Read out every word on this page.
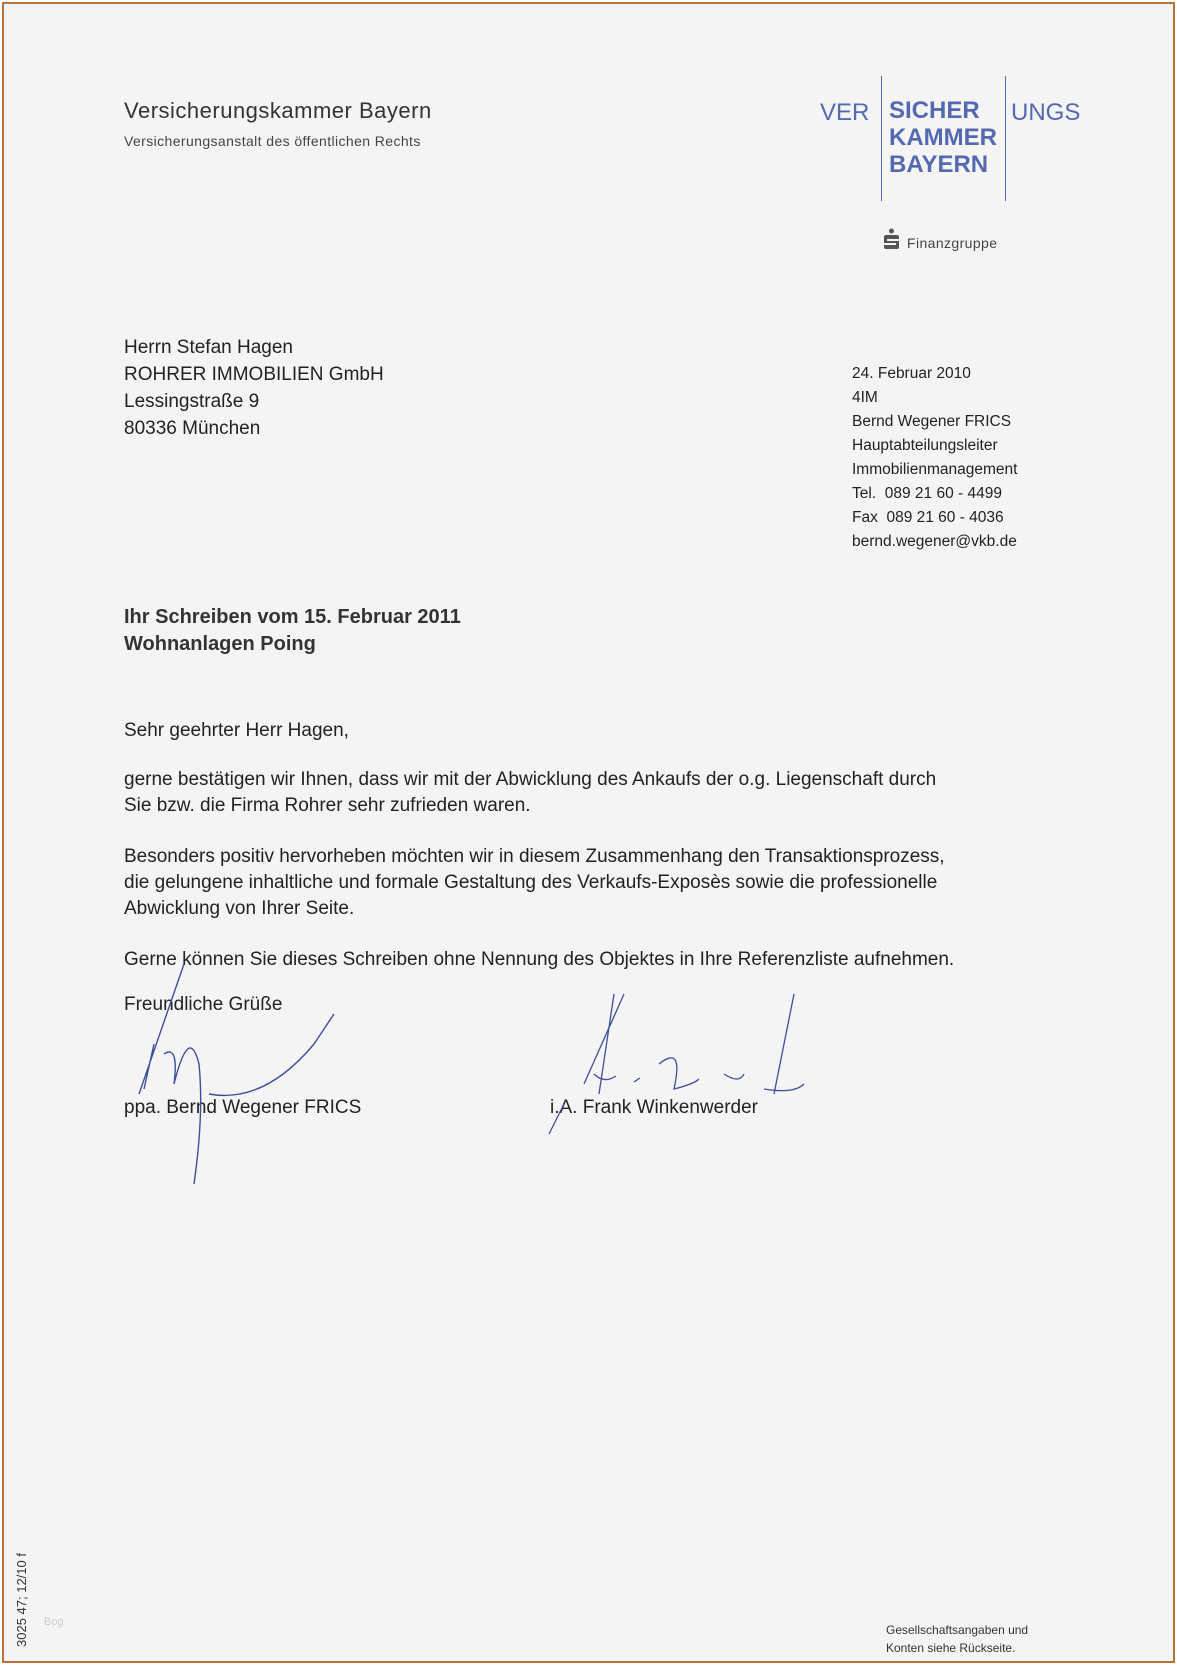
Versicherungskammer Bayern
Versicherungsanstalt des öffentlichen Rechts
VER SICHER
KAMMER
BAYERN
UNGS
Finanzgruppe
Herrn Stefan Hagen
ROHRER IMMOBILIEN GmbH
Lessingstraße 9
80336 München
24. Februar 2010
4IM
Bernd Wegener FRICS
Hauptabteilungsleiter
Immobilienmanagement
Tel.  089 21 60 - 4499
Fax  089 21 60 - 4036
bernd.wegener@vkb.de
Ihr Schreiben vom 15. Februar 2011
Wohnanlagen Poing
Sehr geehrter Herr Hagen,
gerne bestätigen wir Ihnen, dass wir mit der Abwicklung des Ankaufs der o.g. Liegenschaft durch
Sie bzw. die Firma Rohrer sehr zufrieden waren.
Besonders positiv hervorheben möchten wir in diesem Zusammenhang den Transaktionsprozess,
die gelungene inhaltliche und formale Gestaltung des Verkaufs-Exposès sowie die professionelle
Abwicklung von Ihrer Seite.
Gerne können Sie dieses Schreiben ohne Nennung des Objektes in Ihre Referenzliste aufnehmen.
Freundliche Grüße
ppa. Bernd Wegener FRICS	i.A. Frank Winkenwerder
3025 47; 12/10 f Bog
Gesellschaftsangaben und
Konten siehe Rückseite.
